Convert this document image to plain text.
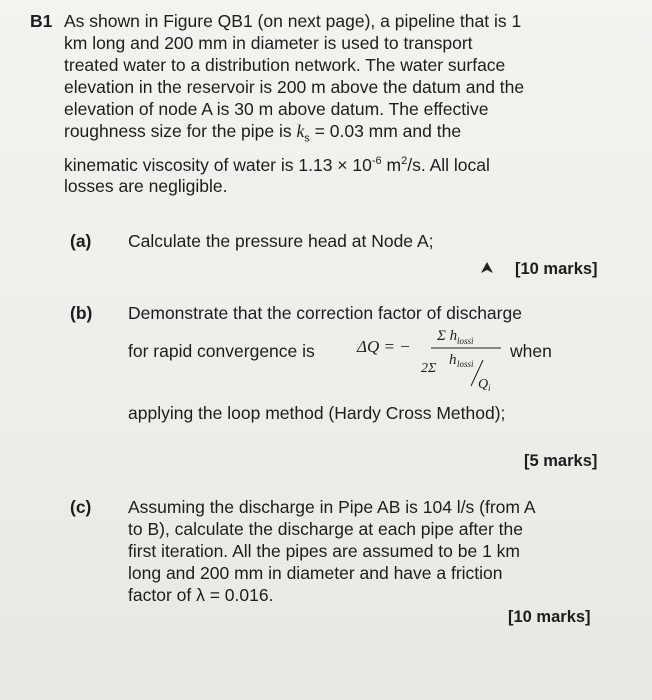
B1 As shown in Figure QB1 (on next page), a pipeline that is 1
km long and 200 mm in diameter is used to transport
treated water to a distribution network. The water surface
elevation in the reservoir is 200 m above the datum and the
elevation of node A is 30 m above datum. The effective
roughness size for the pipe is $k_s = 0.03$ mm and the
kinematic viscosity of water is $1.13 \times 10^{-6}$ $m^2/s$. All local
losses are negligible.
(a) Calculate the pressure head at Node A;
[10 marks]
(b) Demonstrate that the correction factor of discharge
for rapid convergence is ΔQ = −
Σ h lossi
2Σ
h lossi
Q i
when
applying the loop method (Hardy Cross Method);
[5 marks]
(c) Assuming the discharge in Pipe AB is 104 l/s (from A
to B), calculate the discharge at each pipe after the
first iteration. All the pipes are assumed to be 1 km
long and 200 mm in diameter and have a friction
factor of λ = 0.016.
[10 marks]
